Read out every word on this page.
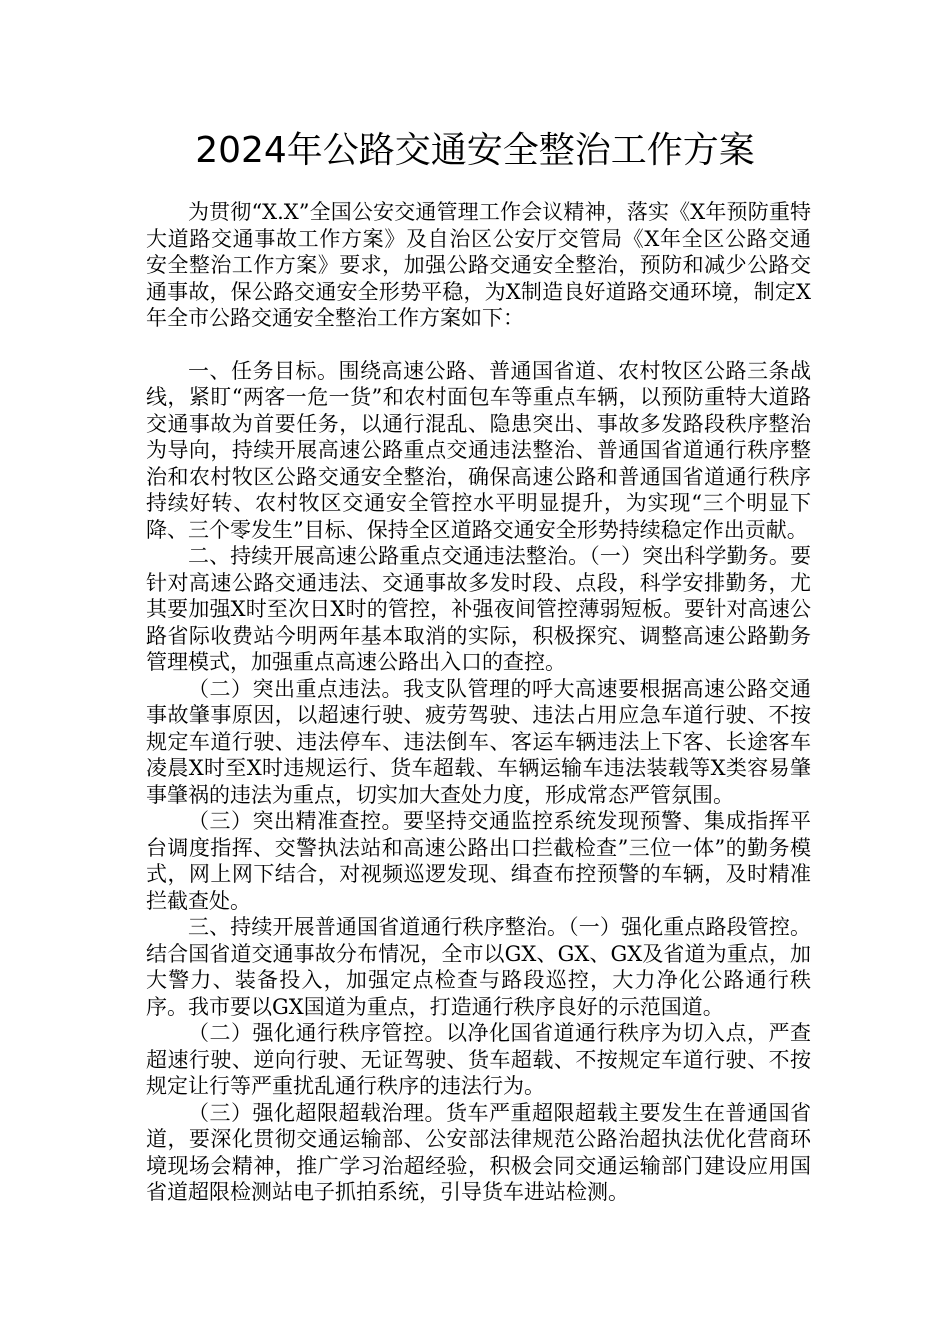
2024年公路交通安全整治工作方案

为贯彻“X.X”全国公安交通管理工作会议精神，落实《X年预防重特大道路交通事故工作方案》及自治区公安厅交管局《X年全区公路交通安全整治工作方案》要求，加强公路交通安全整治，预防和减少公路交通事故，保公路交通安全形势平稳，为X制造良好道路交通环境，制定X年全市公路交通安全整治工作方案如下：

一、任务目标。围绕高速公路、普通国省道、农村牧区公路三条战线，紧盯“两客一危一货”和农村面包车等重点车辆，以预防重特大道路交通事故为首要任务，以通行混乱、隐患突出、事故多发路段秩序整治为导向，持续开展高速公路重点交通违法整治、普通国省道通行秩序整治和农村牧区公路交通安全整治，确保高速公路和普通国省道通行秩序持续好转、农村牧区交通安全管控水平明显提升，为实现“三个明显下降、三个零发生”目标、保持全区道路交通安全形势持续稳定作出贡献。

二、持续开展高速公路重点交通违法整治。（一）突出科学勤务。要针对高速公路交通违法、交通事故多发时段、点段，科学安排勤务，尤其要加强X时至次日X时的管控，补强夜间管控薄弱短板。要针对高速公路省际收费站今明两年基本取消的实际，积极探究、调整高速公路勤务管理模式，加强重点高速公路出入口的查控。

（二）突出重点违法。我支队管理的呼大高速要根据高速公路交通事故肇事原因，以超速行驶、疲劳驾驶、违法占用应急车道行驶、不按规定车道行驶、违法停车、违法倒车、客运车辆违法上下客、长途客车凌晨X时至X时违规运行、货车超载、车辆运输车违法装载等X类容易肇事肇祸的违法为重点，切实加大查处力度，形成常态严管氛围。

（三）突出精准查控。要坚持交通监控系统发现预警、集成指挥平台调度指挥、交警执法站和高速公路出口拦截检查”三位一体”的勤务模式，网上网下结合，对视频巡逻发现、缉查布控预警的车辆，及时精准拦截查处。

三、持续开展普通国省道通行秩序整治。（一）强化重点路段管控。结合国省道交通事故分布情况，全市以GX、GX、GX及省道为重点，加大警力、装备投入，加强定点检查与路段巡控，大力净化公路通行秩序。我市要以GX国道为重点，打造通行秩序良好的示范国道。

（二）强化通行秩序管控。以净化国省道通行秩序为切入点，严查超速行驶、逆向行驶、无证驾驶、货车超载、不按规定车道行驶、不按规定让行等严重扰乱通行秩序的违法行为。

（三）强化超限超载治理。货车严重超限超载主要发生在普通国省道，要深化贯彻交通运输部、公安部法律规范公路治超执法优化营商环境现场会精神，推广学习治超经验，积极会同交通运输部门建设应用国省道超限检测站电子抓拍系统，引导货车进站检测。
